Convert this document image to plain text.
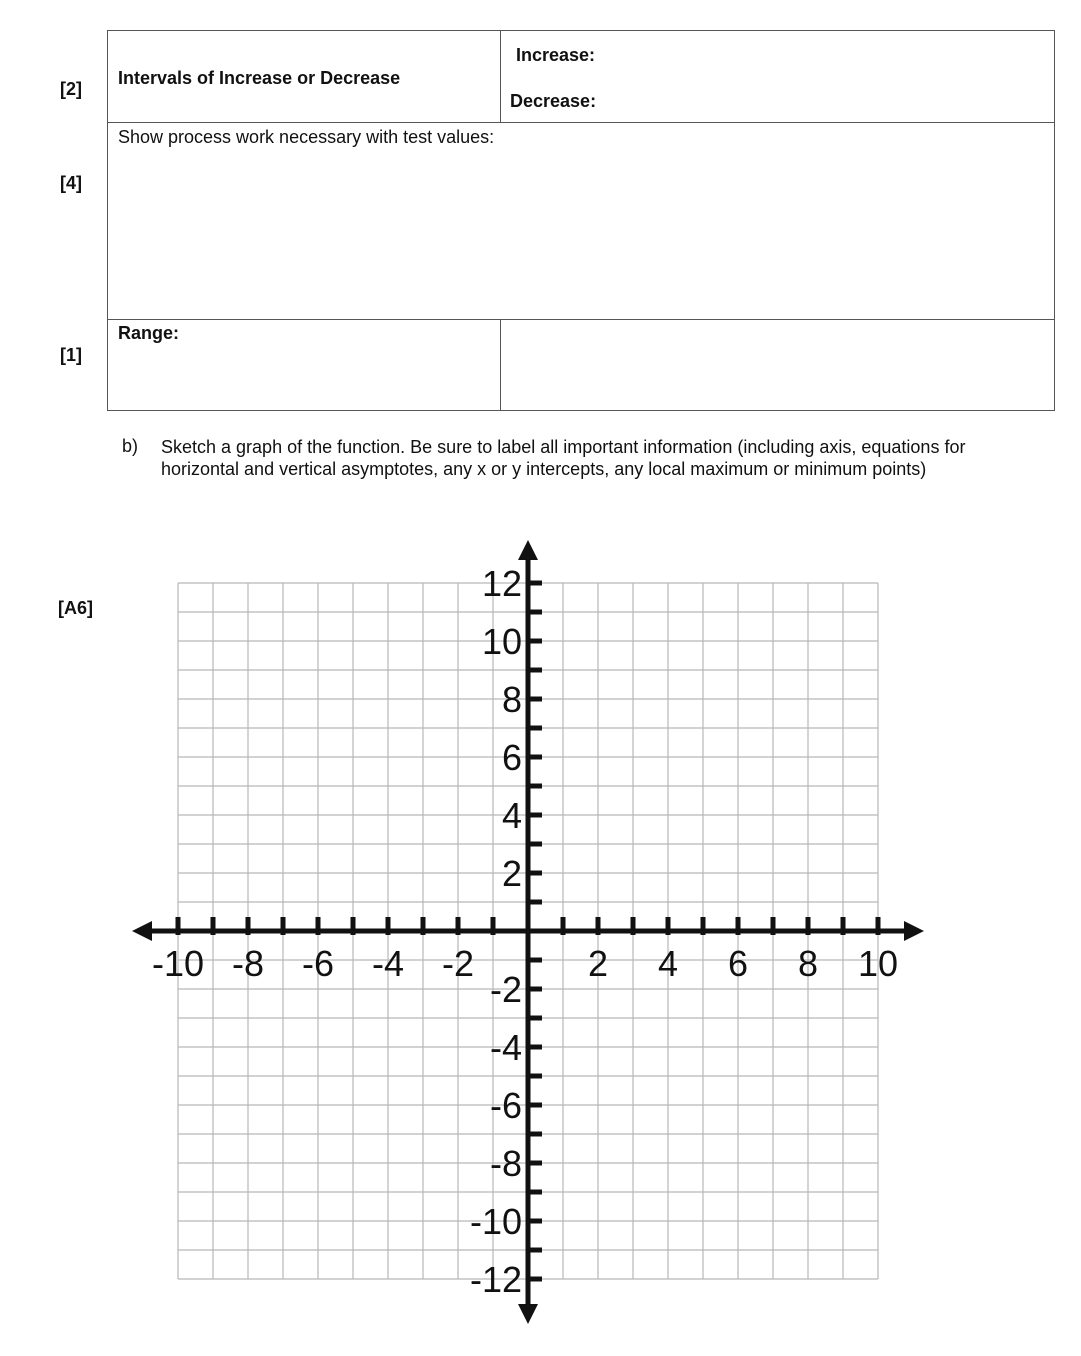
[2]
[4]
[1]
[A6]
Intervals of Increase or Decrease
Increase:
Decrease:
Show process work necessary with test values:
Range:
b) Sketch a graph of the function. Be sure to label all important information (including axis, equations for horizontal and vertical asymptotes, any x or y intercepts, any local maximum or minimum points)
-10 -8 -6 -4 -2	2 4 6 8 10
12
10
8
6
4
2
-2
-4
-6
-8
-10
-12
